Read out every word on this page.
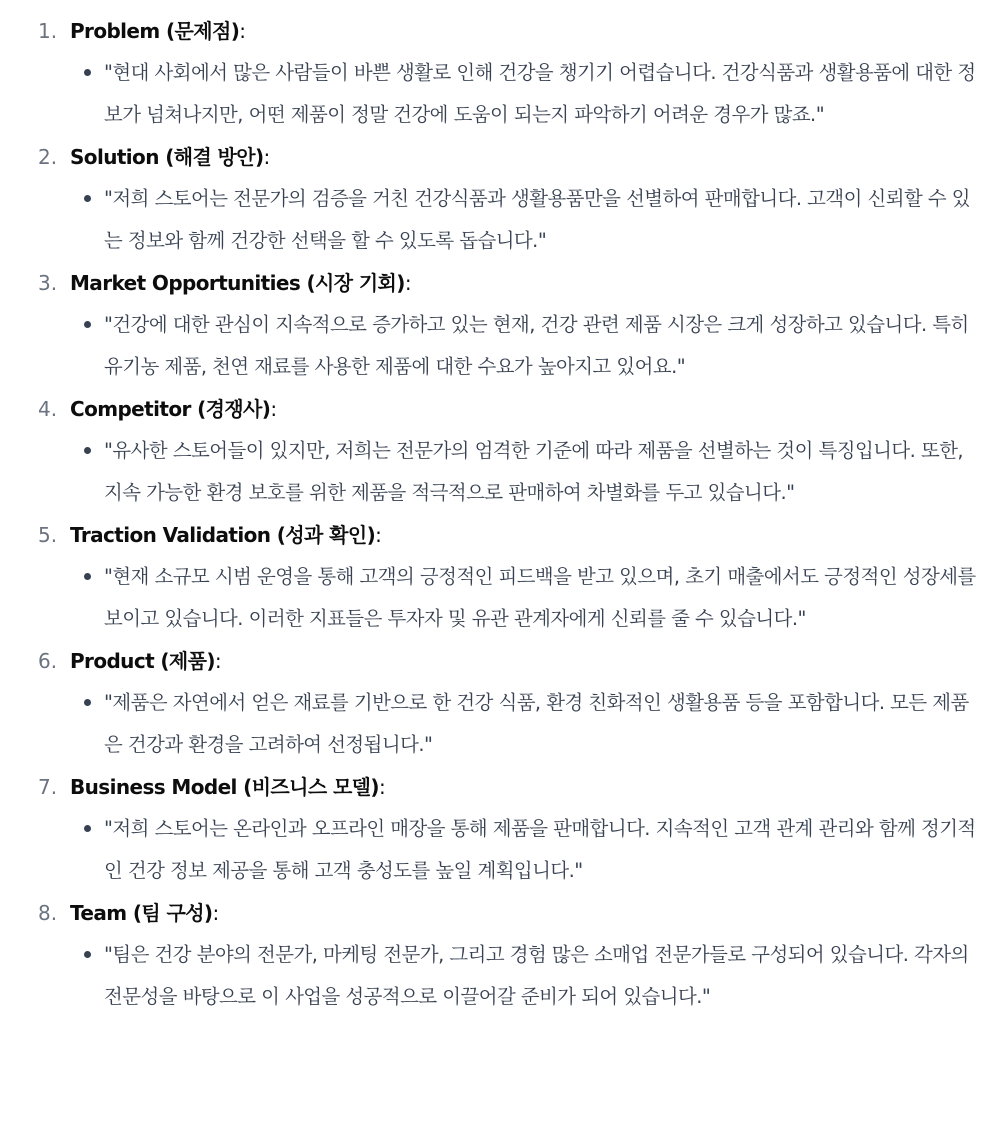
1. Problem (문제점):
"현대 사회에서 많은 사람들이 바쁜 생활로 인해 건강을 챙기기 어렵습니다. 건강식품과 생활용품에 대한 정보가 넘쳐나지만, 어떤 제품이 정말 건강에 도움이 되는지 파악하기 어려운 경우가 많죠."
2. Solution (해결 방안):
"저희 스토어는 전문가의 검증을 거친 건강식품과 생활용품만을 선별하여 판매합니다. 고객이 신뢰할 수 있는 정보와 함께 건강한 선택을 할 수 있도록 돕습니다."
3. Market Opportunities (시장 기회):
"건강에 대한 관심이 지속적으로 증가하고 있는 현재, 건강 관련 제품 시장은 크게 성장하고 있습니다. 특히 유기농 제품, 천연 재료를 사용한 제품에 대한 수요가 높아지고 있어요."
4. Competitor (경쟁사):
"유사한 스토어들이 있지만, 저희는 전문가의 엄격한 기준에 따라 제품을 선별하는 것이 특징입니다. 또한, 지속 가능한 환경 보호를 위한 제품을 적극적으로 판매하여 차별화를 두고 있습니다."
5. Traction Validation (성과 확인):
"현재 소규모 시범 운영을 통해 고객의 긍정적인 피드백을 받고 있으며, 초기 매출에서도 긍정적인 성장세를 보이고 있습니다. 이러한 지표들은 투자자 및 유관 관계자에게 신뢰를 줄 수 있습니다."
6. Product (제품):
"제품은 자연에서 얻은 재료를 기반으로 한 건강 식품, 환경 친화적인 생활용품 등을 포함합니다. 모든 제품은 건강과 환경을 고려하여 선정됩니다."
7. Business Model (비즈니스 모델):
"저희 스토어는 온라인과 오프라인 매장을 통해 제품을 판매합니다. 지속적인 고객 관계 관리와 함께 정기적인 건강 정보 제공을 통해 고객 충성도를 높일 계획입니다."
8. Team (팀 구성):
"팀은 건강 분야의 전문가, 마케팅 전문가, 그리고 경험 많은 소매업 전문가들로 구성되어 있습니다. 각자의 전문성을 바탕으로 이 사업을 성공적으로 이끌어갈 준비가 되어 있습니다."
